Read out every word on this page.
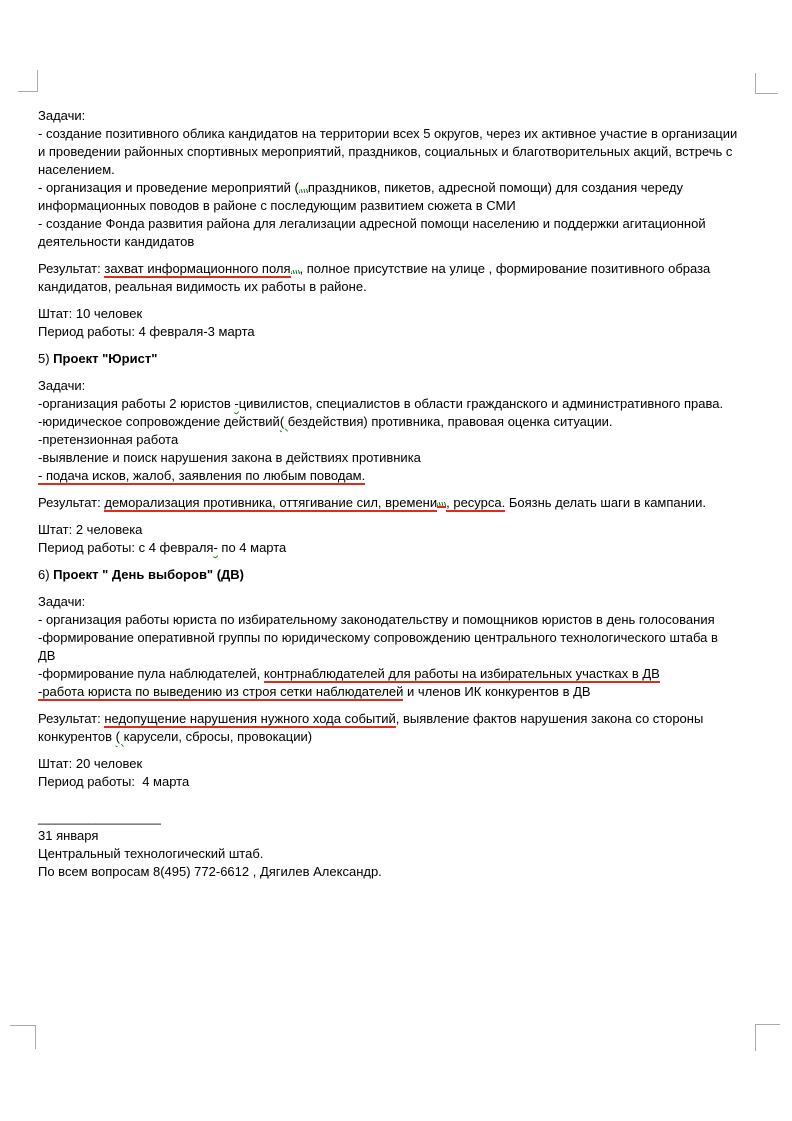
Задачи:
- создание позитивного облика кандидатов на территории всех 5 округов, через их активное участие в организации
и проведении районных спортивных мероприятий, праздников, социальных и благотворительных акций, встречь с
населением.
- организация и проведение мероприятий ( праздников, пикетов, адресной помощи) для создания череду
информационных поводов в районе с последующим развитием сюжета в СМИ
- создание Фонда развития района для легализации адресной помощи населению и поддержки агитационной
деятельности кандидатов
Результат: захват информационного поля , полное присутствие на улице , формирование позитивного образа
кандидатов, реальная видимость их работы в районе.
Штат: 10 человек
Период работы: 4 февраля-3 марта
5) Проект "Юрист"
Задачи:
-организация работы 2 юристов -цивилистов, специалистов в области гражданского и административного права.
-юридическое сопровождение действий( бездействия) противника, правовая оценка ситуации.
-претензионная работа
-выявление и поиск нарушения закона в действиях противника
- подача исков, жалоб, заявления по любым поводам.
Результат: деморализация противника, оттягивание сил, времени , ресурса. Боязнь делать шаги в кампании.
Штат: 2 человека
Период работы: с 4 февраля- по 4 марта
6) Проект " День выборов" (ДВ)
Задачи:
- организация работы юриста по избирательному законодательству и помощников юристов в день голосования
-формирование оперативной группы по юридическому сопровождению центрального технологического штаба в
ДВ
-формирование пула наблюдателей, контрнаблюдателей для работы на избирательных участках в ДВ
-работа юриста по выведению из строя сетки наблюдателей и членов ИК конкурентов в ДВ
Результат: недопущение нарушения нужного хода событий, выявление фактов нарушения закона со стороны
конкурентов ( карусели, сбросы, провокации)
Штат: 20 человек
Период работы:  4 марта
_________________
31 января
Центральный технологический штаб.
По всем вопросам 8(495) 772-6612 , Дягилев Александр.
